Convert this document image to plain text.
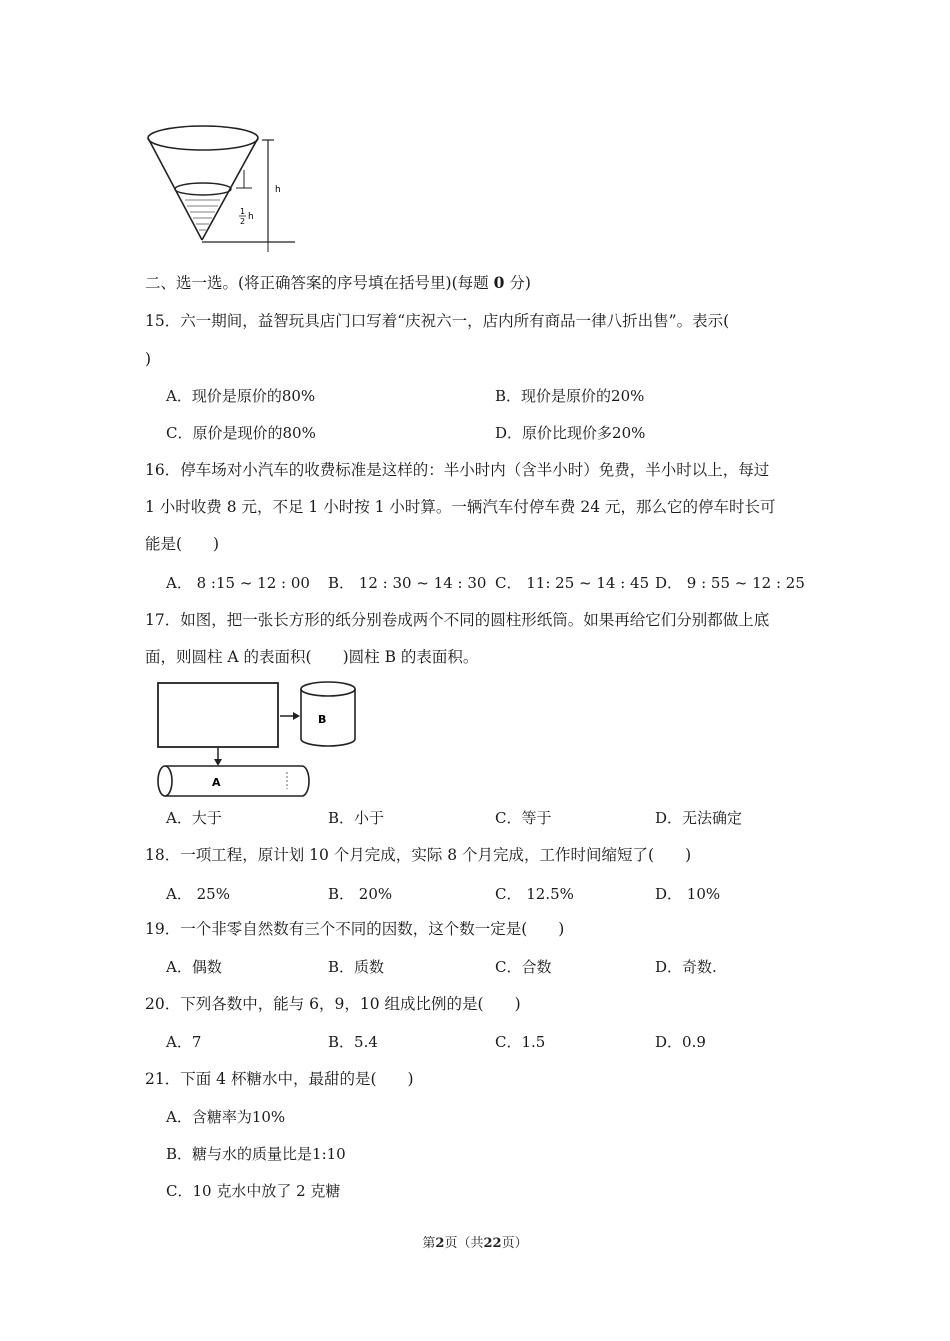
h
1
2 h
二、选一选。(将正确答案的序号填在括号里)(每题 0 分)
15．六一期间，益智玩具店门口写着“庆祝六一，店内所有商品一律八折出售”。表示(
)
A．现价是原价的80%	B．现价是原价的20%
C．原价是现价的80%	D．原价比现价多20%
16．停车场对小汽车的收费标准是这样的：半小时内（含半小时）免费，半小时以上，每过
1 小时收费 8 元，不足 1 小时按 1 小时算。一辆汽车付停车费 24 元，那么它的停车时长可
能是(　　)
A． 8 :15 ~ 12 : 00 B． 12 : 30 ~ 14 : 30 C． 11: 25 ~ 14 : 45 D． 9 : 55 ~ 12 : 25
17．如图，把一张长方形的纸分别卷成两个不同的圆柱形纸筒。如果再给它们分别都做上底
面，则圆柱 A 的表面积(　　)圆柱 B 的表面积。
B
A
A．大于	B．小于	C．等于	D．无法确定
18．一项工程，原计划 10 个月完成，实际 8 个月完成，工作时间缩短了(　　)
A． 25%	B． 20%	C． 12.5%	D． 10%
19．一个非零自然数有三个不同的因数，这个数一定是(　　)
A．偶数	B．质数	C．合数	D．奇数.
20．下列各数中，能与 6，9，10 组成比例的是(　　)
A．7	B．5.4	C．1.5	D．0.9
21．下面 4 杯糖水中，最甜的是(　　)
A．含糖率为10%
B．糖与水的质量比是1:10
C．10 克水中放了 2 克糖
第2页（共22页）
